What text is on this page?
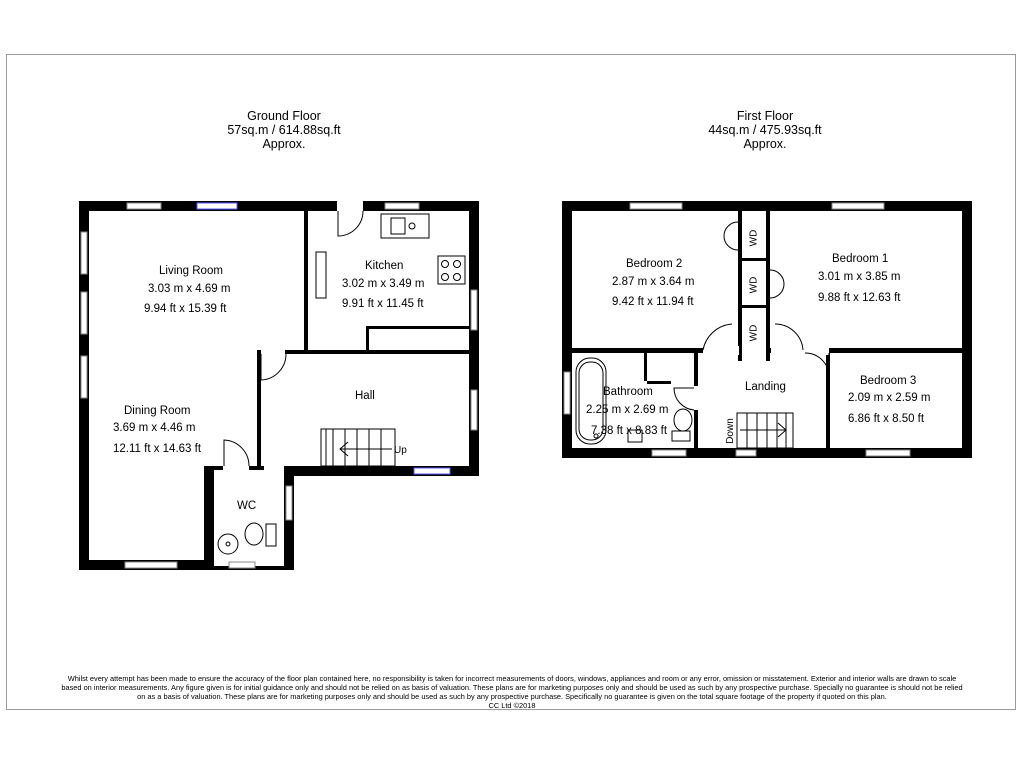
Ground Floor
57sq.m / 614.88sq.ft
Approx.
First Floor
44sq.m / 475.93sq.ft
Approx.
Living Room
3.03 m x 4.69 m
9.94 ft x 15.39 ft
Kitchen
3.02 m x 3.49 m
9.91 ft x 11.45 ft
Dining Room
3.69 m x 4.46 m
12.11 ft x 14.63 ft
Hall
Up
WC
Bedroom 2
2.87 m x 3.64 m
9.42 ft x 11.94 ft
Bedroom 1
3.01 m x 3.85 m
9.88 ft x 12.63 ft
Bathroom
2.25 m x 2.69 m
7.38 ft x 8.83 ft
Landing	Bedroom 3
2.09 m x 2.59 m
6.86 ft x 8.50 ft
WD
WD
WD
Down

Whilst every attempt has been made to ensure the accuracy of the floor plan contained here, no responsibility is taken for incorrect measurements of doors, windows, appliances and room or any error, omission or misstatement. Exterior and interior walls are drawn to scale

based on interior measurements. Any figure given is for initial guidance only and should not be relied on as basis of valuation. These plans are for marketing purposes only and should be used as such by any prospective purchase. Specially no guarantee is should not be relied

on as a basis of valuation. These plans are for marketing purposes only and should be used as such by any prospective purchase. Specifically no guarantee is given on the total square footage of the property if quoted on this plan.

CC Ltd ©2018
